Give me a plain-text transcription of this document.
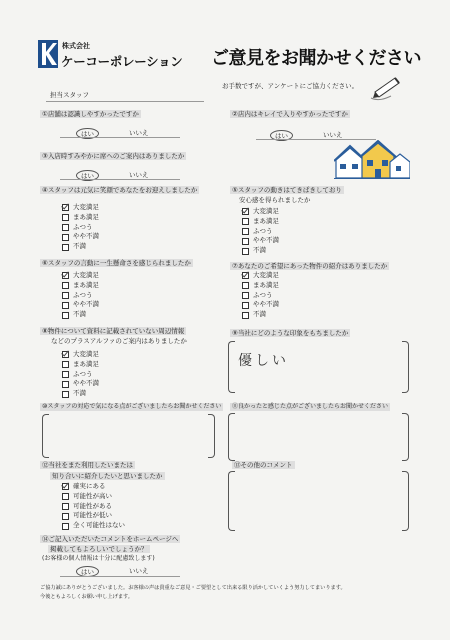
株式会社
ケーコーポレーション ご意見をお聞かせください
お手数ですが、アンケートにご協力ください。
担当スタッフ
①店舗は認識しやすかったですか
はい	いいえ
②店内はキレイで入りやすかったですか
はい	いいえ
③入店時すみやかに席へのご案内はありましたか
はい	いいえ
④スタッフは元気に笑顔であなたをお迎えしましたか
大変満足
まあ満足
ふつう
やや不満
不満
⑤スタッフの動きはてきぱきしており
安心感を得られましたか
大変満足
まあ満足
ふつう
やや不満
不満
⑥スタッフの言動に一生懸命さを感じられましたか
大変満足
まあ満足
ふつう
やや不満
不満
⑦あなたのご希望にあった物件の紹介はありましたか
大変満足
まあ満足
ふつう
やや不満
不満
⑧物件について資料に記載されていない周辺情報
などのプラスアルファのご案内はありましたか
大変満足
まあ満足
ふつう
やや不満
不満
⑨当社にどのような印象をもちましたか
優しい
⑩スタッフの対応で気になる点がございましたらお聞かせください	⑪良かったと感じた点がございましたらお聞かせください
⑫当社をまた利用したいまたは
知り合いに紹介したいと思いましたか
確実にある
可能性が高い
可能性がある
可能性が低い
全く可能性はない
⑬その他のコメント
⑭ご記入いただいたコメントをホームページへ
掲載してもよろしいでしょうか？
(お客様の個人情報は十分に配慮致します)
はい	いいえ
ご協力誠にありがとうございました。お客様の声は貴重なご意見・ご要望として出来る限り活かしていくよう努力してまいります。
今後ともよろしくお願い申し上げます。
